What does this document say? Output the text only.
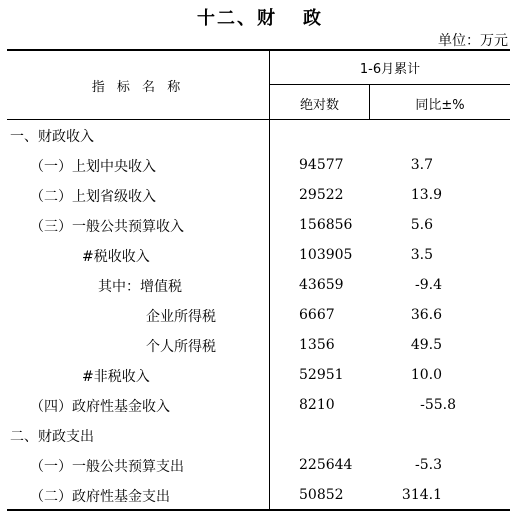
十二、财 政
单位：万元
指 标 名 称
1-6月累计
绝对数	同比±%
一、财政收入
（一）上划中央收入	94577	3.7
（二）上划省级收入	29522	13.9
（三）一般公共预算收入	156856	5.6
#税收收入	103905	3.5
其中：增值税	43659	-9.4
企业所得税	6667	36.6
个人所得税	1356	49.5
#非税收入	52951	10.0
（四）政府性基金收入	8210	-55.8
二、财政支出
（一）一般公共预算支出	225644	-5.3
（二）政府性基金支出	50852	314.1
